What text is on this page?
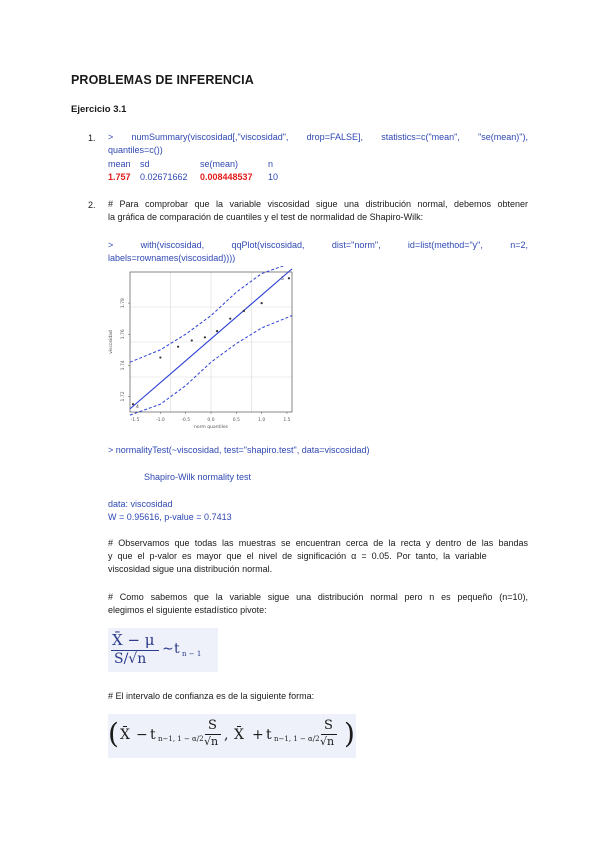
PROBLEMAS DE INFERENCIA
Ejercicio 3.1
1. > numSummary(viscosidad[,"viscosidad", drop=FALSE], statistics=c("mean", "se(mean)"),
quantiles=c())
mean sd	se(mean)	n
1.757 0.02671662 0.008448537 10
2. # Para comprobar que la variable viscosidad sigue una distribución normal, debemos obtener
la gráfica de comparación de cuantiles y el test de normalidad de Shapiro-Wilk:
> with(viscosidad, qqPlot(viscosidad, dist="norm", id=list(method="y", n=2,
labels=rownames(viscosidad))))
4
5
-1.5	-1.0	-0.5	0.0	0.5	1.0	1.5
1.72
1.74
1.76
1.78
norm quantiles
viscosidad
> normalityTest(~viscosidad, test="shapiro.test", data=viscosidad)
Shapiro-Wilk normality test
data: viscosidad
W = 0.95616, p-value = 0.7413
# Observamos que todas las muestras se encuentran cerca de la recta y dentro de las bandas
y  que  el  p-valor  es  mayor  que  el  nivel  de  significación  α  =  0.05.  Por  tanto,  la  variable
viscosidad sigue una distribución normal.
# Como sabemos que la variable sigue una distribución normal pero n es pequeño (n=10),
elegimos el siguiente estadístico pivote:
X̄ − μ
S/√n
∼ t n − 1
# El intervalo de confianza es de la siguiente forma:
( X̄ − t n−1, 1 − α/2
S
√n , X̄ + t n−1, 1 − α/2
S
√n )
